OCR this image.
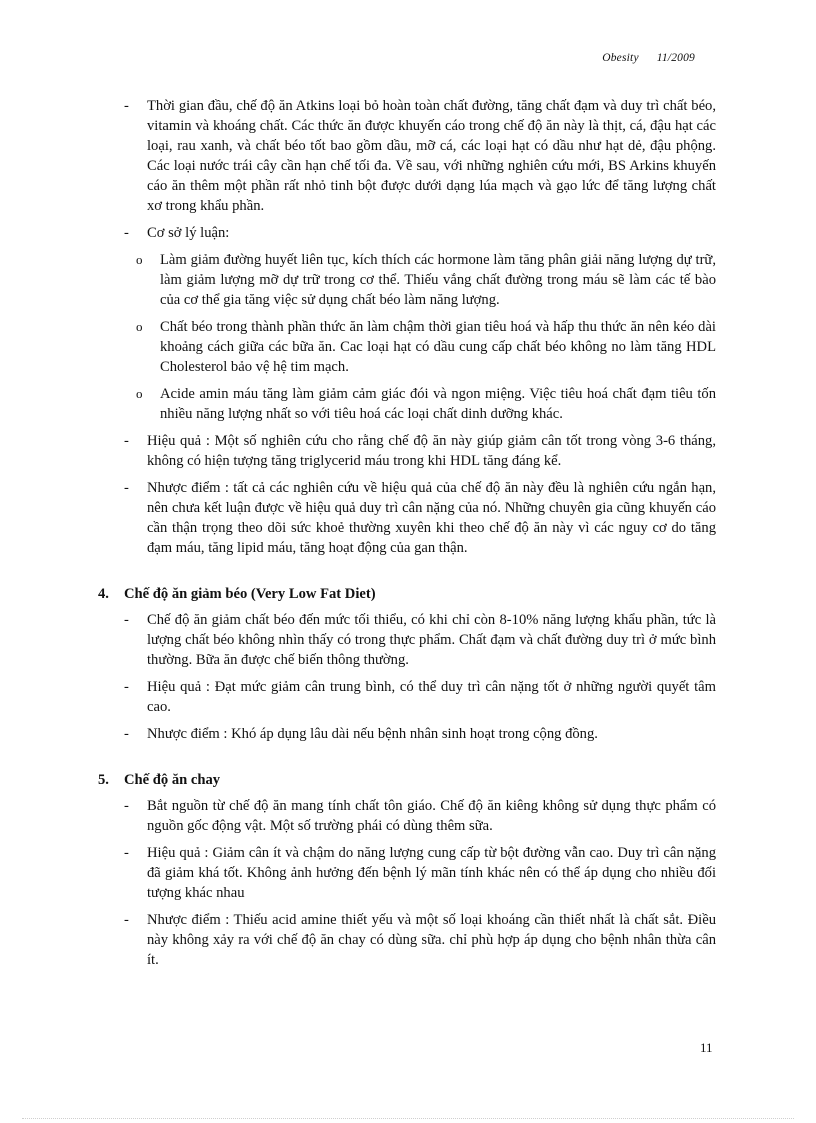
Obesity 11/2009
- Thời gian đầu, chế độ ăn Atkins loại bỏ hoàn toàn chất đường, tăng chất đạm và duy trì chất béo, vitamin và khoáng chất. Các thức ăn được khuyến cáo trong chế độ ăn này là thịt, cá, đậu hạt các loại, rau xanh, và chất béo tốt bao gồm dầu, mỡ cá, các loại hạt có dầu như hạt dẻ, đậu phộng. Các loại nước trái cây cần hạn chế tối đa. Về sau, với những nghiên cứu mới, BS Arkins khuyến cáo ăn thêm một phần rất nhỏ tinh bột được dưới dạng lúa mạch và gạo lức để tăng lượng chất xơ trong khẩu phần.
- Cơ sở lý luận:
o Làm giảm đường huyết liên tục, kích thích các hormone làm tăng phân giải năng lượng dự trữ, làm giảm lượng mỡ dự trữ trong cơ thể. Thiếu vắng chất đường trong máu sẽ làm các tế bào của cơ thể gia tăng việc sử dụng chất béo làm năng lượng.
o Chất béo trong thành phần thức ăn làm chậm thời gian tiêu hoá và hấp thu thức ăn nên kéo dài khoảng cách giữa các bữa ăn. Cac loại hạt có dầu cung cấp chất béo không no làm tăng HDL Cholesterol bảo vệ hệ tim mạch.
o Acide amin máu tăng làm giảm cảm giác đói và ngon miệng. Việc tiêu hoá chất đạm tiêu tốn nhiều năng lượng nhất so với tiêu hoá các loại chất dinh dưỡng khác.
- Hiệu quả : Một số nghiên cứu cho rằng chế độ ăn này giúp giảm cân tốt trong vòng 3-6 tháng, không có hiện tượng tăng triglycerid máu trong khi HDL tăng đáng kể.
- Nhược điểm : tất cả các nghiên cứu về hiệu quả của chế độ ăn này đều là nghiên cứu ngắn hạn, nên chưa kết luận được về hiệu quả duy trì cân nặng của nó. Những chuyên gia cũng khuyến cáo cần thận trọng theo dõi sức khoẻ thường xuyên khi theo chế độ ăn này vì các nguy cơ do tăng đạm máu, tăng lipid máu, tăng hoạt động của gan thận.
4. Chế độ ăn giảm béo (Very Low Fat Diet)
- Chế độ ăn giảm chất béo đến mức tối thiểu, có khi chỉ còn 8-10% năng lượng khẩu phần, tức là lượng chất béo không nhìn thấy có trong thực phẩm. Chất đạm và chất đường duy trì ở mức bình thường. Bữa ăn được chế biến thông thường.
- Hiệu quả : Đạt mức giảm cân trung bình, có thể duy trì cân nặng tốt ở những người quyết tâm cao.
- Nhược điểm : Khó áp dụng lâu dài nếu bệnh nhân sinh hoạt trong cộng đồng.
5. Chế độ ăn chay
- Bắt nguồn từ chế độ ăn mang tính chất tôn giáo. Chế độ ăn kiêng không sử dụng thực phẩm có nguồn gốc động vật. Một số trường phái có dùng thêm sữa.
- Hiệu quả : Giảm cân ít và chậm do năng lượng cung cấp từ bột đường vẫn cao. Duy trì cân nặng đã giảm khá tốt. Không ảnh hưởng đến bệnh lý mãn tính khác nên có thể áp dụng cho nhiều đối tượng khác nhau
- Nhược điểm : Thiếu acid amine thiết yếu và một số loại khoáng cần thiết nhất là chất sắt. Điều này không xảy ra với chế độ ăn chay có dùng sữa. chỉ phù hợp áp dụng cho bệnh nhân thừa cân ít.
11
